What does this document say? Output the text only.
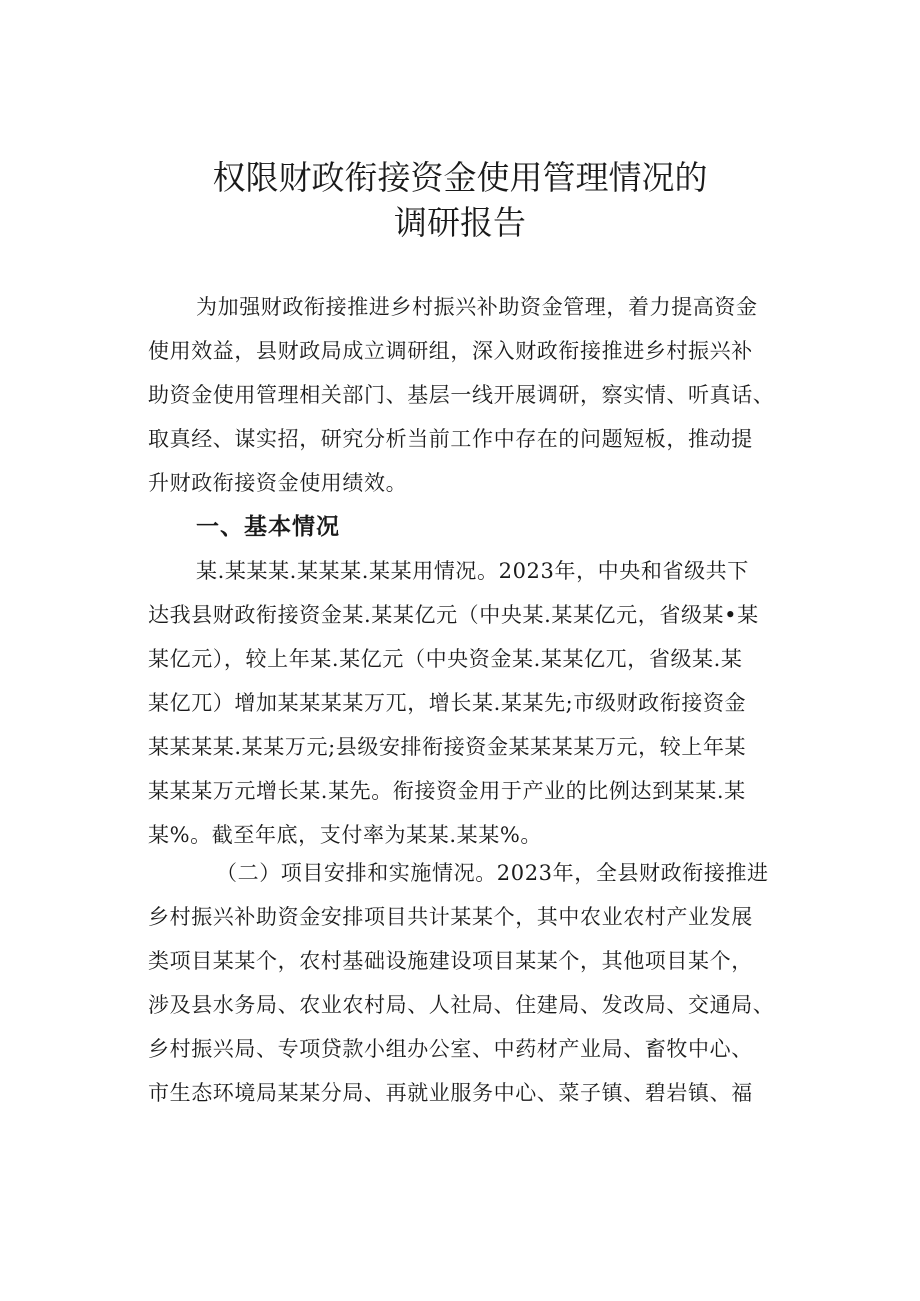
权限财政衔接资金使用管理情况的
调研报告
为加强财政衔接推进乡村振兴补助资金管理，着力提高资金
使用效益，县财政局成立调研组，深入财政衔接推进乡村振兴补
助资金使用管理相关部门、基层一线开展调研，察实情、听真话、
取真经、谋实招，研究分析当前工作中存在的问题短板，推动提
升财政衔接资金使用绩效。
一、基本情况
某.某某某.某某某.某某用情况。2023年，中央和省级共下
达我县财政衔接资金某.某某亿元（中央某.某某亿元，省级某•某
某亿元），较上年某.某亿元（中央资金某.某某亿兀，省级某.某
某亿兀）增加某某某某万兀，增长某.某某先;市级财政衔接资金
某某某某.某某万元;县级安排衔接资金某某某某万元，较上年某
某某某万元增长某.某先。衔接资金用于产业的比例达到某某.某
某%。截至年底，支付率为某某.某某%。
（二）项目安排和实施情况。2023年，全县财政衔接推进
乡村振兴补助资金安排项目共计某某个，其中农业农村产业发展
类项目某某个，农村基础设施建设项目某某个，其他项目某个，
涉及县水务局、农业农村局、人社局、住建局、发改局、交通局、
乡村振兴局、专项贷款小组办公室、中药材产业局、畜牧中心、
市生态环境局某某分局、再就业服务中心、菜子镇、碧岩镇、福
